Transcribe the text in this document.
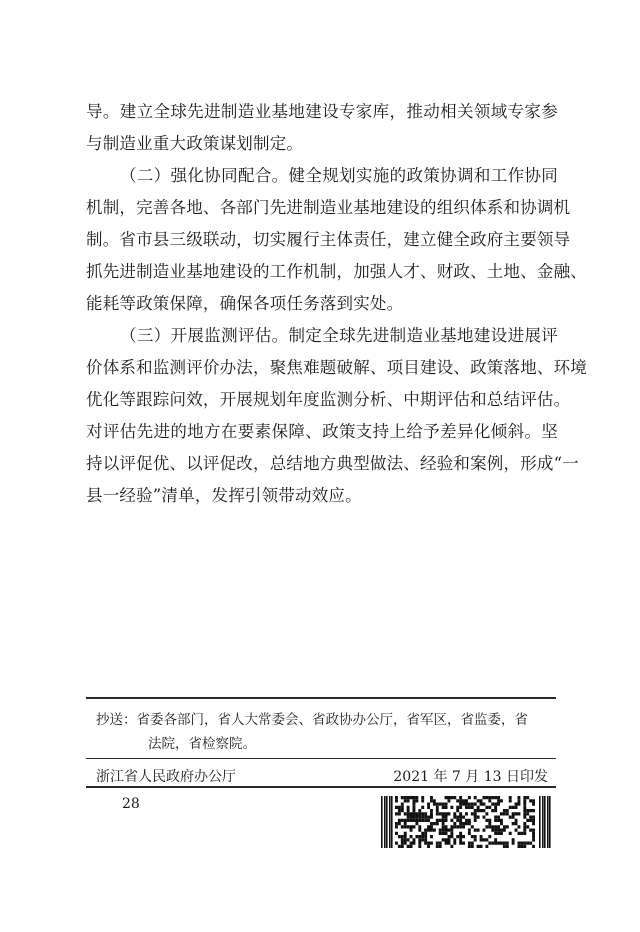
导。建立全球先进制造业基地建设专家库，推动相关领域专家参
与制造业重大政策谋划制定。
（二）强化协同配合。健全规划实施的政策协调和工作协同
机制，完善各地、各部门先进制造业基地建设的组织体系和协调机
制。省市县三级联动，切实履行主体责任，建立健全政府主要领导
抓先进制造业基地建设的工作机制，加强人才、财政、土地、金融、
能耗等政策保障，确保各项任务落到实处。
（三）开展监测评估。制定全球先进制造业基地建设进展评
价体系和监测评价办法，聚焦难题破解、项目建设、政策落地、环境
优化等跟踪问效，开展规划年度监测分析、中期评估和总结评估。
对评估先进的地方在要素保障、政策支持上给予差异化倾斜。坚
持以评促优、以评促改，总结地方典型做法、经验和案例，形成“一
县一经验”清单，发挥引领带动效应。
抄送：省委各部门，省人大常委会、省政协办公厅，省军区，省监委，省
法院，省检察院。
浙江省人民政府办公厅	2021 年 7 月 13 日印发
28
